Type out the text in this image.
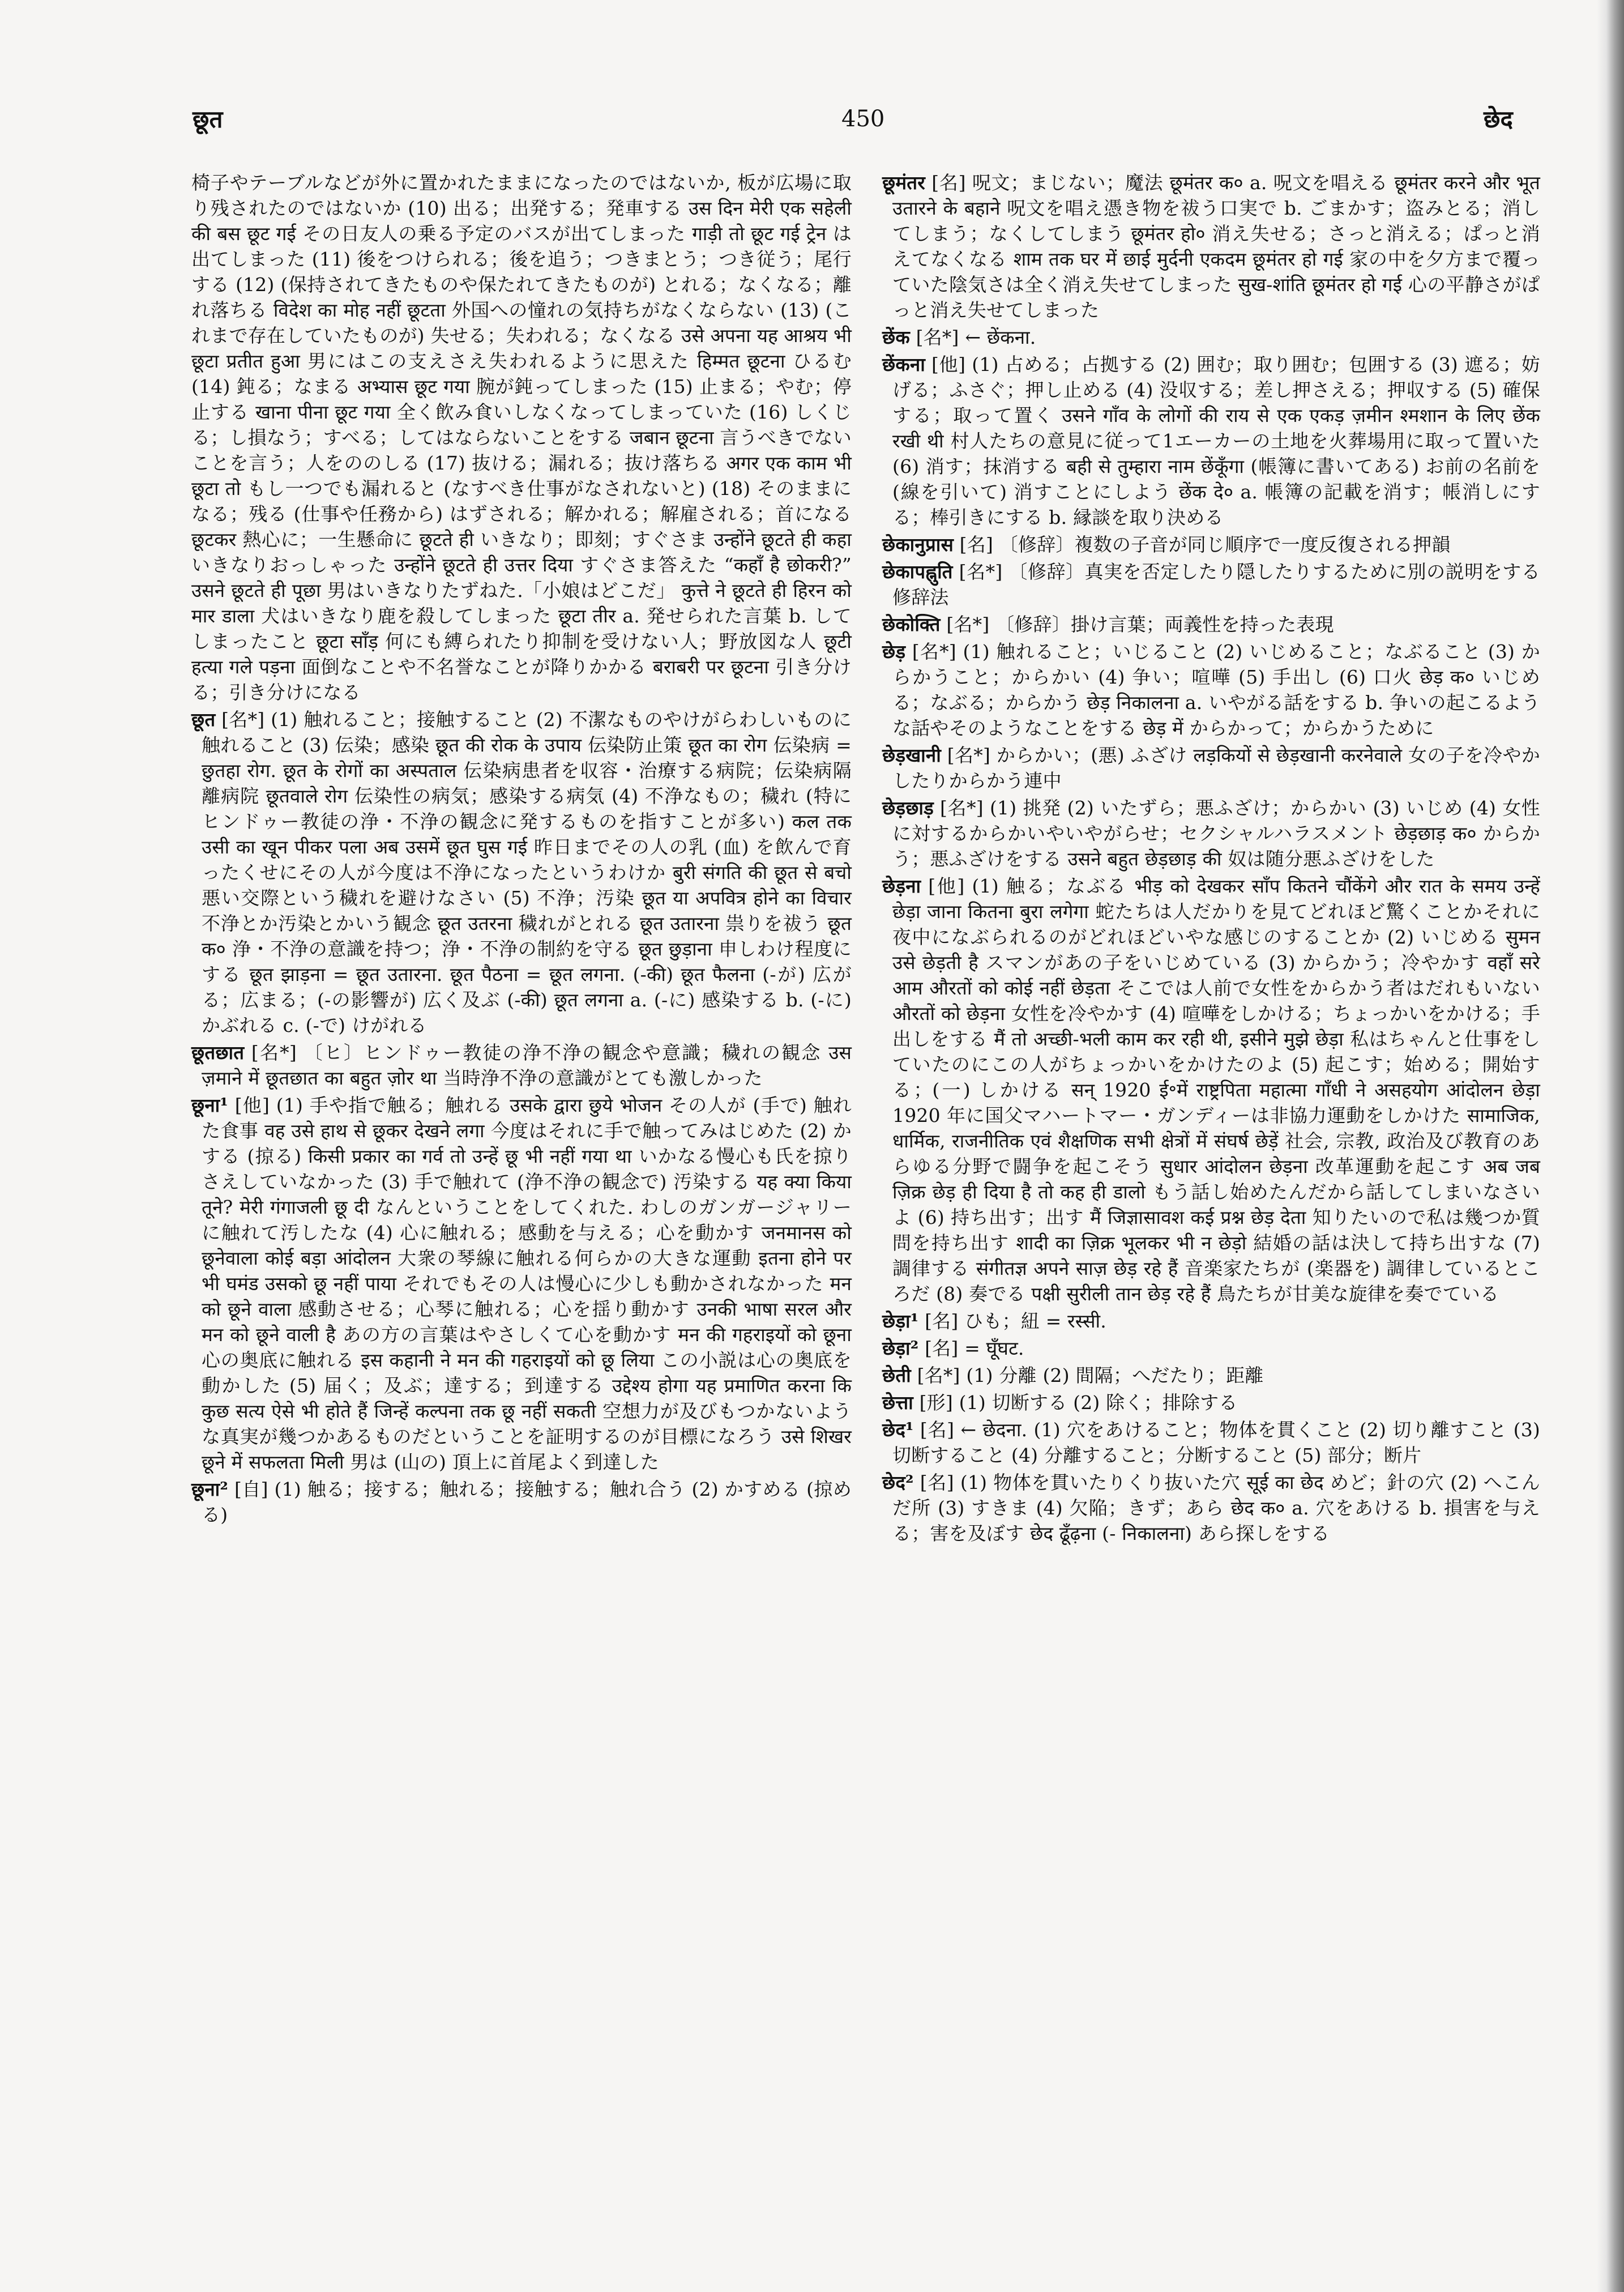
छूत	450	छेद

椅子やテーブルなどが外に置かれたままになったのではないか, 板が広場に取り残されたのではないか (10) 出る；出発する；発車する उस दिन मेरी एक सहेली की बस छूट गई その日友人の乗る予定のバスが出てしまった गाड़ी तो छूट गई ट्रेन は出てしまった (11) 後をつけられる；後を追う；つきまとう；つき従う；尾行する (12) (保持されてきたものや保たれてきたものが) とれる；なくなる；離れ落ちる विदेश का मोह नहीं छूटता 外国への憧れの気持ちがなくならない (13) (これまで存在していたものが) 失せる；失われる；なくなる उसे अपना यह आश्रय भी छूटा प्रतीत हुआ 男にはこの支えさえ失われるように思えた हिम्मत छूटना ひるむ (14) 鈍る；なまる अभ्यास छूट गया 腕が鈍ってしまった (15) 止まる；やむ；停止する खाना पीना छूट गया 全く飲み食いしなくなってしまっていた (16) しくじる；し損なう；すべる；してはならないことをする जबान छूटना 言うべきでないことを言う；人をののしる (17) 抜ける；漏れる；抜け落ちる अगर एक काम भी छूटा तो もし一つでも漏れると (なすべき仕事がなされないと) (18) そのままになる；残る (仕事や任務から) はずされる；解かれる；解雇される；首になる छूटकर 熱心に；一生懸命に छूटते ही いきなり；即刻；すぐさま उन्होंने छूटते ही कहा いきなりおっしゃった उन्होंने छूटते ही उत्तर दिया すぐさま答えた “कहाँ है छोकरी?” उसने छूटते ही पूछा 男はいきなりたずねた.「小娘はどこだ」 कुत्ते ने छूटते ही हिरन को मार डाला 犬はいきなり鹿を殺してしまった छूटा तीर a. 発せられた言葉 b. してしまったこと छूटा साँड़ 何にも縛られたり抑制を受けない人；野放図な人 छूटी हत्या गले पड़ना 面倒なことや不名誉なことが降りかかる बराबरी पर छूटना 引き分ける；引き分けになる

छूत [名*] (1) 触れること；接触すること (2) 不潔なものやけがらわしいものに触れること (3) 伝染；感染 छूत की रोक के उपाय 伝染防止策 छूत का रोग 伝染病 = छुतहा रोग. छूत के रोगों का अस्पताल 伝染病患者を収容・治療する病院；伝染病隔離病院 छूतवाले रोग 伝染性の病気；感染する病気 (4) 不浄なもの；穢れ (特にヒンドゥー教徒の浄・不浄の観念に発するものを指すことが多い) कल तक उसी का खून पीकर पला अब उसमें छूत घुस गई 昨日までその人の乳 (血) を飲んで育ったくせにその人が今度は不浄になったというわけか बुरी संगति की छूत से बचो 悪い交際という穢れを避けなさい (5) 不浄；汚染 छूत या अपवित्र होने का विचार 不浄とか汚染とかいう観念 छूत उतरना 穢れがとれる छूत उतारना 祟りを祓う छूत क० 浄・不浄の意識を持つ；浄・不浄の制約を守る छूत छुड़ाना 申しわけ程度にする छूत झाड़ना = छूत उतारना. छूत पैठना = छूत लगना. (-की) छूत फैलना (-が) 広がる；広まる；(-の影響が) 広く及ぶ (-की) छूत लगना a. (-に) 感染する b. (-に) かぶれる c. (-で) けがれる

छूतछात [名*] 〔ヒ〕ヒンドゥー教徒の浄不浄の観念や意識；穢れの観念 उस ज़माने में छूतछात का बहुत ज़ोर था 当時浄不浄の意識がとても激しかった

छूना¹ [他] (1) 手や指で触る；触れる उसके द्वारा छुये भोजन その人が (手で) 触れた食事 वह उसे हाथ से छूकर देखने लगा 今度はそれに手で触ってみはじめた (2) かする (掠る) किसी प्रकार का गर्व तो उन्हें छू भी नहीं गया था いかなる慢心も氏を掠りさえしていなかった (3) 手で触れて (浄不浄の観念で) 汚染する यह क्या किया तूने? मेरी गंगाजली छू दी なんということをしてくれた. わしのガンガージャリーに触れて汚したな (4) 心に触れる；感動を与える；心を動かす जनमानस को छूनेवाला कोई बड़ा आंदोलन 大衆の琴線に触れる何らかの大きな運動 इतना होने पर भी घमंड उसको छू नहीं पाया それでもその人は慢心に少しも動かされなかった मन को छूने वाला 感動させる；心琴に触れる；心を揺り動かす उनकी भाषा सरल और मन को छूने वाली है あの方の言葉はやさしくて心を動かす मन की गहराइयों को छूना 心の奥底に触れる इस कहानी ने मन की गहराइयों को छू लिया この小説は心の奥底を動かした (5) 届く；及ぶ；達する；到達する उद्देश्य होगा यह प्रमाणित करना कि कुछ सत्य ऐसे भी होते हैं जिन्हें कल्पना तक छू नहीं सकती 空想力が及びもつかないような真実が幾つかあるものだということを証明するのが目標になろう उसे शिखर छूने में सफलता मिली 男は (山の) 頂上に首尾よく到達した

छूना² [自] (1) 触る；接する；触れる；接触する；触れ合う (2) かすめる (掠める)

छूमंतर [名] 呪文；まじない；魔法 छूमंतर क० a. 呪文を唱える छूमंतर करने और भूत उतारने के बहाने 呪文を唱え憑き物を祓う口実で b. ごまかす；盗みとる；消してしまう；なくしてしまう छूमंतर हो० 消え失せる；さっと消える；ぱっと消えてなくなる शाम तक घर में छाई मुर्दनी एकदम छूमंतर हो गई 家の中を夕方まで覆っていた陰気さは全く消え失せてしまった सुख-शांति छूमंतर हो गई 心の平静さがぱっと消え失せてしまった

छेंक [名*] ← छेंकना.

छेंकना [他] (1) 占める；占拠する (2) 囲む；取り囲む；包囲する (3) 遮る；妨げる；ふさぐ；押し止める (4) 没収する；差し押さえる；押収する (5) 確保する；取って置く उसने गाँव के लोगों की राय से एक एकड़ ज़मीन श्मशान के लिए छेंक रखी थी 村人たちの意見に従って1エーカーの土地を火葬場用に取って置いた (6) 消す；抹消する बही से तुम्हारा नाम छेंकूँगा (帳簿に書いてある) お前の名前を (線を引いて) 消すことにしよう छेंक दे० a. 帳簿の記載を消す；帳消しにする；棒引きにする b. 縁談を取り決める

छेकानुप्रास [名] 〔修辞〕複数の子音が同じ順序で一度反復される押韻

छेकापह्नुति [名*] 〔修辞〕真実を否定したり隠したりするために別の説明をする修辞法

छेकोक्ति [名*] 〔修辞〕掛け言葉；両義性を持った表現

छेड़ [名*] (1) 触れること；いじること (2) いじめること；なぶること (3) からかうこと；からかい (4) 争い；喧嘩 (5) 手出し (6) 口火 छेड़ क० いじめる；なぶる；からかう छेड़ निकालना a. いやがる話をする b. 争いの起こるような話やそのようなことをする छेड़ में からかって；からかうために

छेड़खानी [名*] からかい；(悪) ふざけ लड़कियों से छेड़खानी करनेवाले 女の子を冷やかしたりからかう連中

छेड़छाड़ [名*] (1) 挑発 (2) いたずら；悪ふざけ；からかい (3) いじめ (4) 女性に対するからかいやいやがらせ；セクシャルハラスメント छेड़छाड़ क० からかう；悪ふざけをする उसने बहुत छेड़छाड़ की 奴は随分悪ふざけをした

छेड़ना [他] (1) 触る；なぶる भीड़ को देखकर साँप कितने चौंकेंगे और रात के समय उन्हें छेड़ा जाना कितना बुरा लगेगा 蛇たちは人だかりを見てどれほど驚くことかそれに夜中になぶられるのがどれほどいやな感じのすることか (2) いじめる सुमन उसे छेड़ती है スマンがあの子をいじめている (3) からかう；冷やかす वहाँ सरे आम औरतों को कोई नहीं छेड़ता そこでは人前で女性をからかう者はだれもいない औरतों को छेड़ना 女性を冷やかす (4) 喧嘩をしかける；ちょっかいをかける；手出しをする मैं तो अच्छी-भली काम कर रही थी, इसीने मुझे छेड़ा 私はちゃんと仕事をしていたのにこの人がちょっかいをかけたのよ (5) 起こす；始める；開始する；(一) しかける सन् 1920 ई॰में राष्ट्रपिता महात्मा गाँधी ने असहयोग आंदोलन छेड़ा 1920 年に国父マハートマー・ガンディーは非協力運動をしかけた सामाजिक, धार्मिक, राजनीतिक एवं शैक्षणिक सभी क्षेत्रों में संघर्ष छेड़ें 社会, 宗教, 政治及び教育のあらゆる分野で闘争を起こそう सुधार आंदोलन छेड़ना 改革運動を起こす अब जब ज़िक्र छेड़ ही दिया है तो कह ही डालो もう話し始めたんだから話してしまいなさいよ (6) 持ち出す；出す मैं जिज्ञासावश कई प्रश्न छेड़ देता 知りたいので私は幾つか質問を持ち出す शादी का ज़िक्र भूलकर भी न छेड़ो 結婚の話は決して持ち出すな (7) 調律する संगीतज्ञ अपने साज़ छेड़ रहे हैं 音楽家たちが (楽器を) 調律しているところだ (8) 奏でる पक्षी सुरीली तान छेड़ रहे हैं 鳥たちが甘美な旋律を奏でている

छेड़ा¹ [名] ひも；紐 = रस्सी.

छेड़ा² [名] = घूँघट.

छेती [名*] (1) 分離 (2) 間隔；へだたり；距離

छेत्ता [形] (1) 切断する (2) 除く；排除する

छेद¹ [名] ← छेदना. (1) 穴をあけること；物体を貫くこと (2) 切り離すこと (3) 切断すること (4) 分離すること；分断すること (5) 部分；断片

छेद² [名] (1) 物体を貫いたりくり抜いた穴 सूई का छेद めど；針の穴 (2) へこんだ所 (3) すきま (4) 欠陥；きず；あら छेद क० a. 穴をあける b. 損害を与える；害を及ぼす छेद ढूँढ़ना (- निकालना) あら探しをする
